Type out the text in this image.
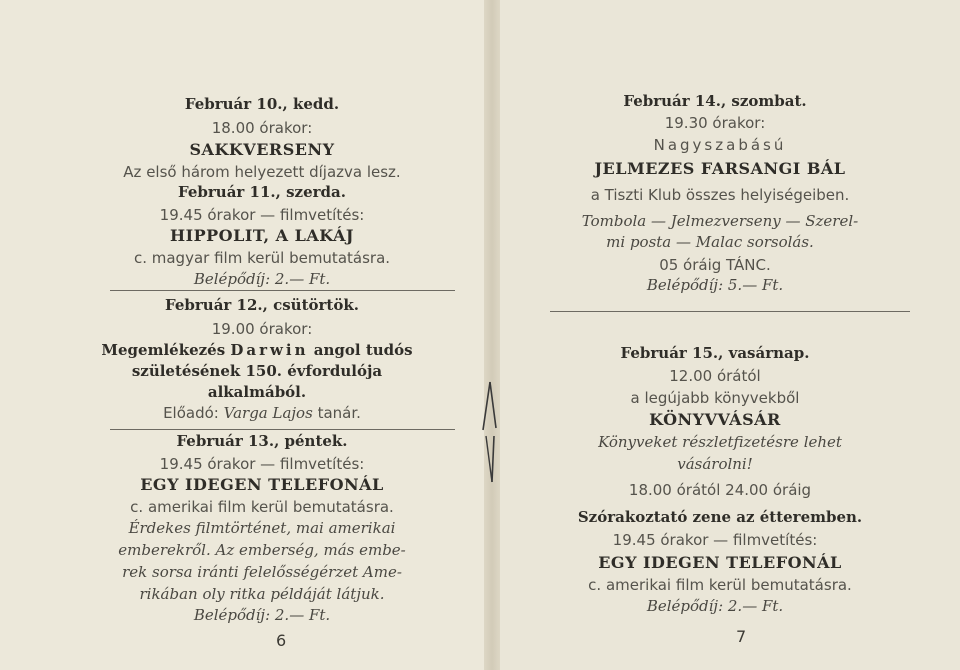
Február 10., kedd.
18.00 órakor:
SAKKVERSENY
Az első három helyezett díjazva lesz.
Február 11., szerda.
19.45 órakor — filmvetítés:
HIPPOLIT, A LAKÁJ
c. magyar film kerül bemutatásra.
Belépődíj: 2.— Ft.
Február 12., csütörtök.
19.00 órakor:
Megemlékezés Darwin angol tudós
születésének 150. évfordulója
alkalmából.
Előadó: Varga Lajos tanár.
Február 13., péntek.
19.45 órakor — filmvetítés:
EGY IDEGEN TELEFONÁL
c. amerikai film kerül bemutatásra.
Érdekes filmtörténet, mai amerikai
emberekről. Az emberség, más embe-
rek sorsa iránti felelősségérzet Ame-
rikában oly ritka példáját látjuk.
Belépődíj: 2.— Ft.
6
Február 14., szombat.
19.30 órakor:
Nagyszabású
JELMEZES FARSANGI BÁL
a Tiszti Klub összes helyiségeiben.
Tombola — Jelmezverseny — Szerel-
mi posta — Malac sorsolás.
05 óráig TÁNC.
Belépődíj: 5.— Ft.
Február 15., vasárnap.
12.00 órától
a legújabb könyvekből
KÖNYVVÁSÁR
Könyveket részletfizetésre lehet
vásárolni!
18.00 órától 24.00 óráig
Szórakoztató zene az étteremben.
19.45 órakor — filmvetítés:
EGY IDEGEN TELEFONÁL
c. amerikai film kerül bemutatásra.
Belépődíj: 2.— Ft.
7
